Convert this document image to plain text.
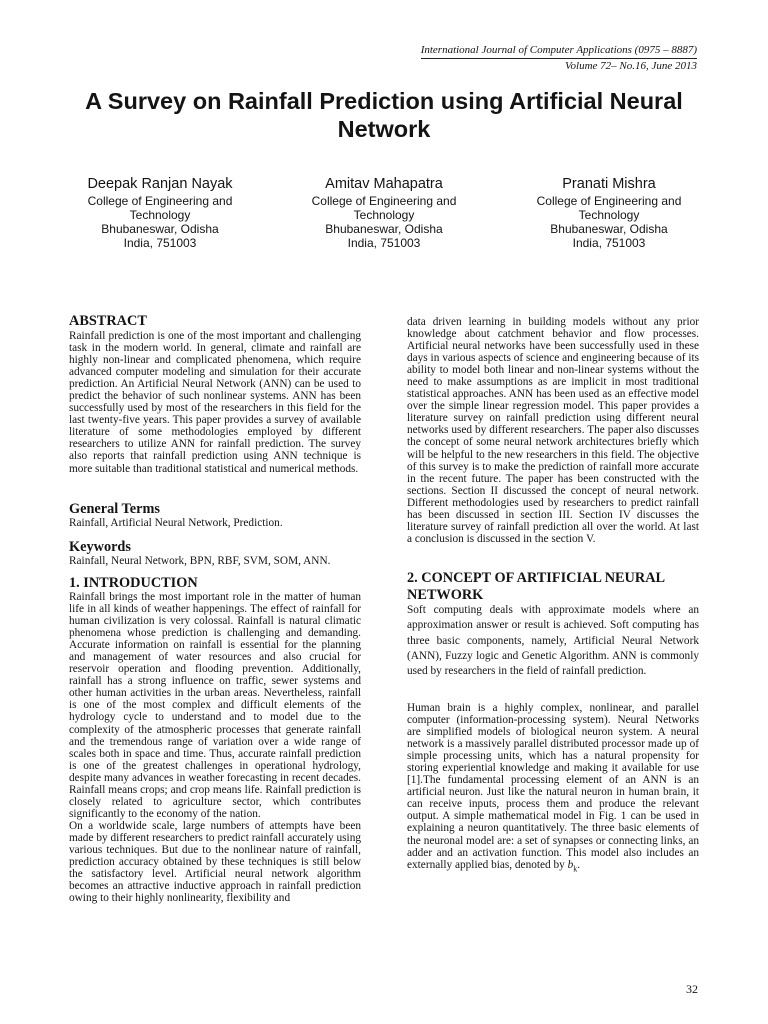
International Journal of Computer Applications (0975 – 8887)
Volume 72– No.16, June 2013
A Survey on Rainfall Prediction using Artificial Neural Network
Deepak Ranjan Nayak
College of Engineering and
Technology
Bhubaneswar, Odisha
India, 751003
Amitav Mahapatra
College of Engineering and
Technology
Bhubaneswar, Odisha
India, 751003
Pranati Mishra
College of Engineering and
Technology
Bhubaneswar, Odisha
India, 751003
ABSTRACT

Rainfall prediction is one of the most important and challenging task in the modern world. In general, climate and rainfall are highly non-linear and complicated phenomena, which require advanced computer modeling and simulation for their accurate prediction. An Artificial Neural Network (ANN) can be used to predict the behavior of such nonlinear systems. ANN has been successfully used by most of the researchers in this field for the last twenty-five years. This paper provides a survey of available literature of some methodologies employed by different researchers to utilize ANN for rainfall prediction. The survey also reports that rainfall prediction using ANN technique is more suitable than traditional statistical and numerical methods.

General Terms

Rainfall, Artificial Neural Network, Prediction.

Keywords

Rainfall, Neural Network, BPN, RBF, SVM, SOM, ANN.

1. INTRODUCTION

Rainfall brings the most important role in the matter of human life in all kinds of weather happenings. The effect of rainfall for human civilization is very colossal. Rainfall is natural climatic phenomena whose prediction is challenging and demanding. Accurate information on rainfall is essential for the planning and management of water resources and also crucial for reservoir operation and flooding prevention. Additionally, rainfall has a strong influence on traffic, sewer systems and other human activities in the urban areas. Nevertheless, rainfall is one of the most complex and difficult elements of the hydrology cycle to understand and to model due to the complexity of the atmospheric processes that generate rainfall and the tremendous range of variation over a wide range of scales both in space and time. Thus, accurate rainfall prediction is one of the greatest challenges in operational hydrology, despite many advances in weather forecasting in recent decades. Rainfall means crops; and crop means life. Rainfall prediction is closely related to agriculture sector, which contributes significantly to the economy of the nation.

On a worldwide scale, large numbers of attempts have been made by different researchers to predict rainfall accurately using various techniques. But due to the nonlinear nature of rainfall, prediction accuracy obtained by these techniques is still below the satisfactory level. Artificial neural network algorithm becomes an attractive inductive approach in rainfall prediction owing to their highly nonlinearity, flexibility and

data driven learning in building models without any prior knowledge about catchment behavior and flow processes. Artificial neural networks have been successfully used in these days in various aspects of science and engineering because of its ability to model both linear and non-linear systems without the need to make assumptions as are implicit in most traditional statistical approaches. ANN has been used as an effective model over the simple linear regression model. This paper provides a literature survey on rainfall prediction using different neural networks used by different researchers. The paper also discusses the concept of some neural network architectures briefly which will be helpful to the new researchers in this field. The objective of this survey is to make the prediction of rainfall more accurate in the recent future. The paper has been constructed with the sections. Section II discussed the concept of neural network. Different methodologies used by researchers to predict rainfall has been discussed in section III. Section IV discusses the literature survey of rainfall prediction all over the world. At last a conclusion is discussed in the section V.

2. CONCEPT OF ARTIFICIAL NEURAL NETWORK

Soft computing deals with approximate models where an approximation answer or result is achieved. Soft computing has three basic components, namely, Artificial Neural Network (ANN), Fuzzy logic and Genetic Algorithm. ANN is commonly used by researchers in the field of rainfall prediction.

Human brain is a highly complex, nonlinear, and parallel computer (information-processing system). Neural Networks are simplified models of biological neuron system. A neural network is a massively parallel distributed processor made up of simple processing units, which has a natural propensity for storing experiential knowledge and making it available for use [1].The fundamental processing element of an ANN is an artificial neuron. Just like the natural neuron in human brain, it can receive inputs, process them and produce the relevant output. A simple mathematical model in Fig. 1 can be used in explaining a neuron quantitatively. The three basic elements of the neuronal model are: a set of synapses or connecting links, an adder and an activation function. This model also includes an externally applied bias, denoted by $b_k$.

32
